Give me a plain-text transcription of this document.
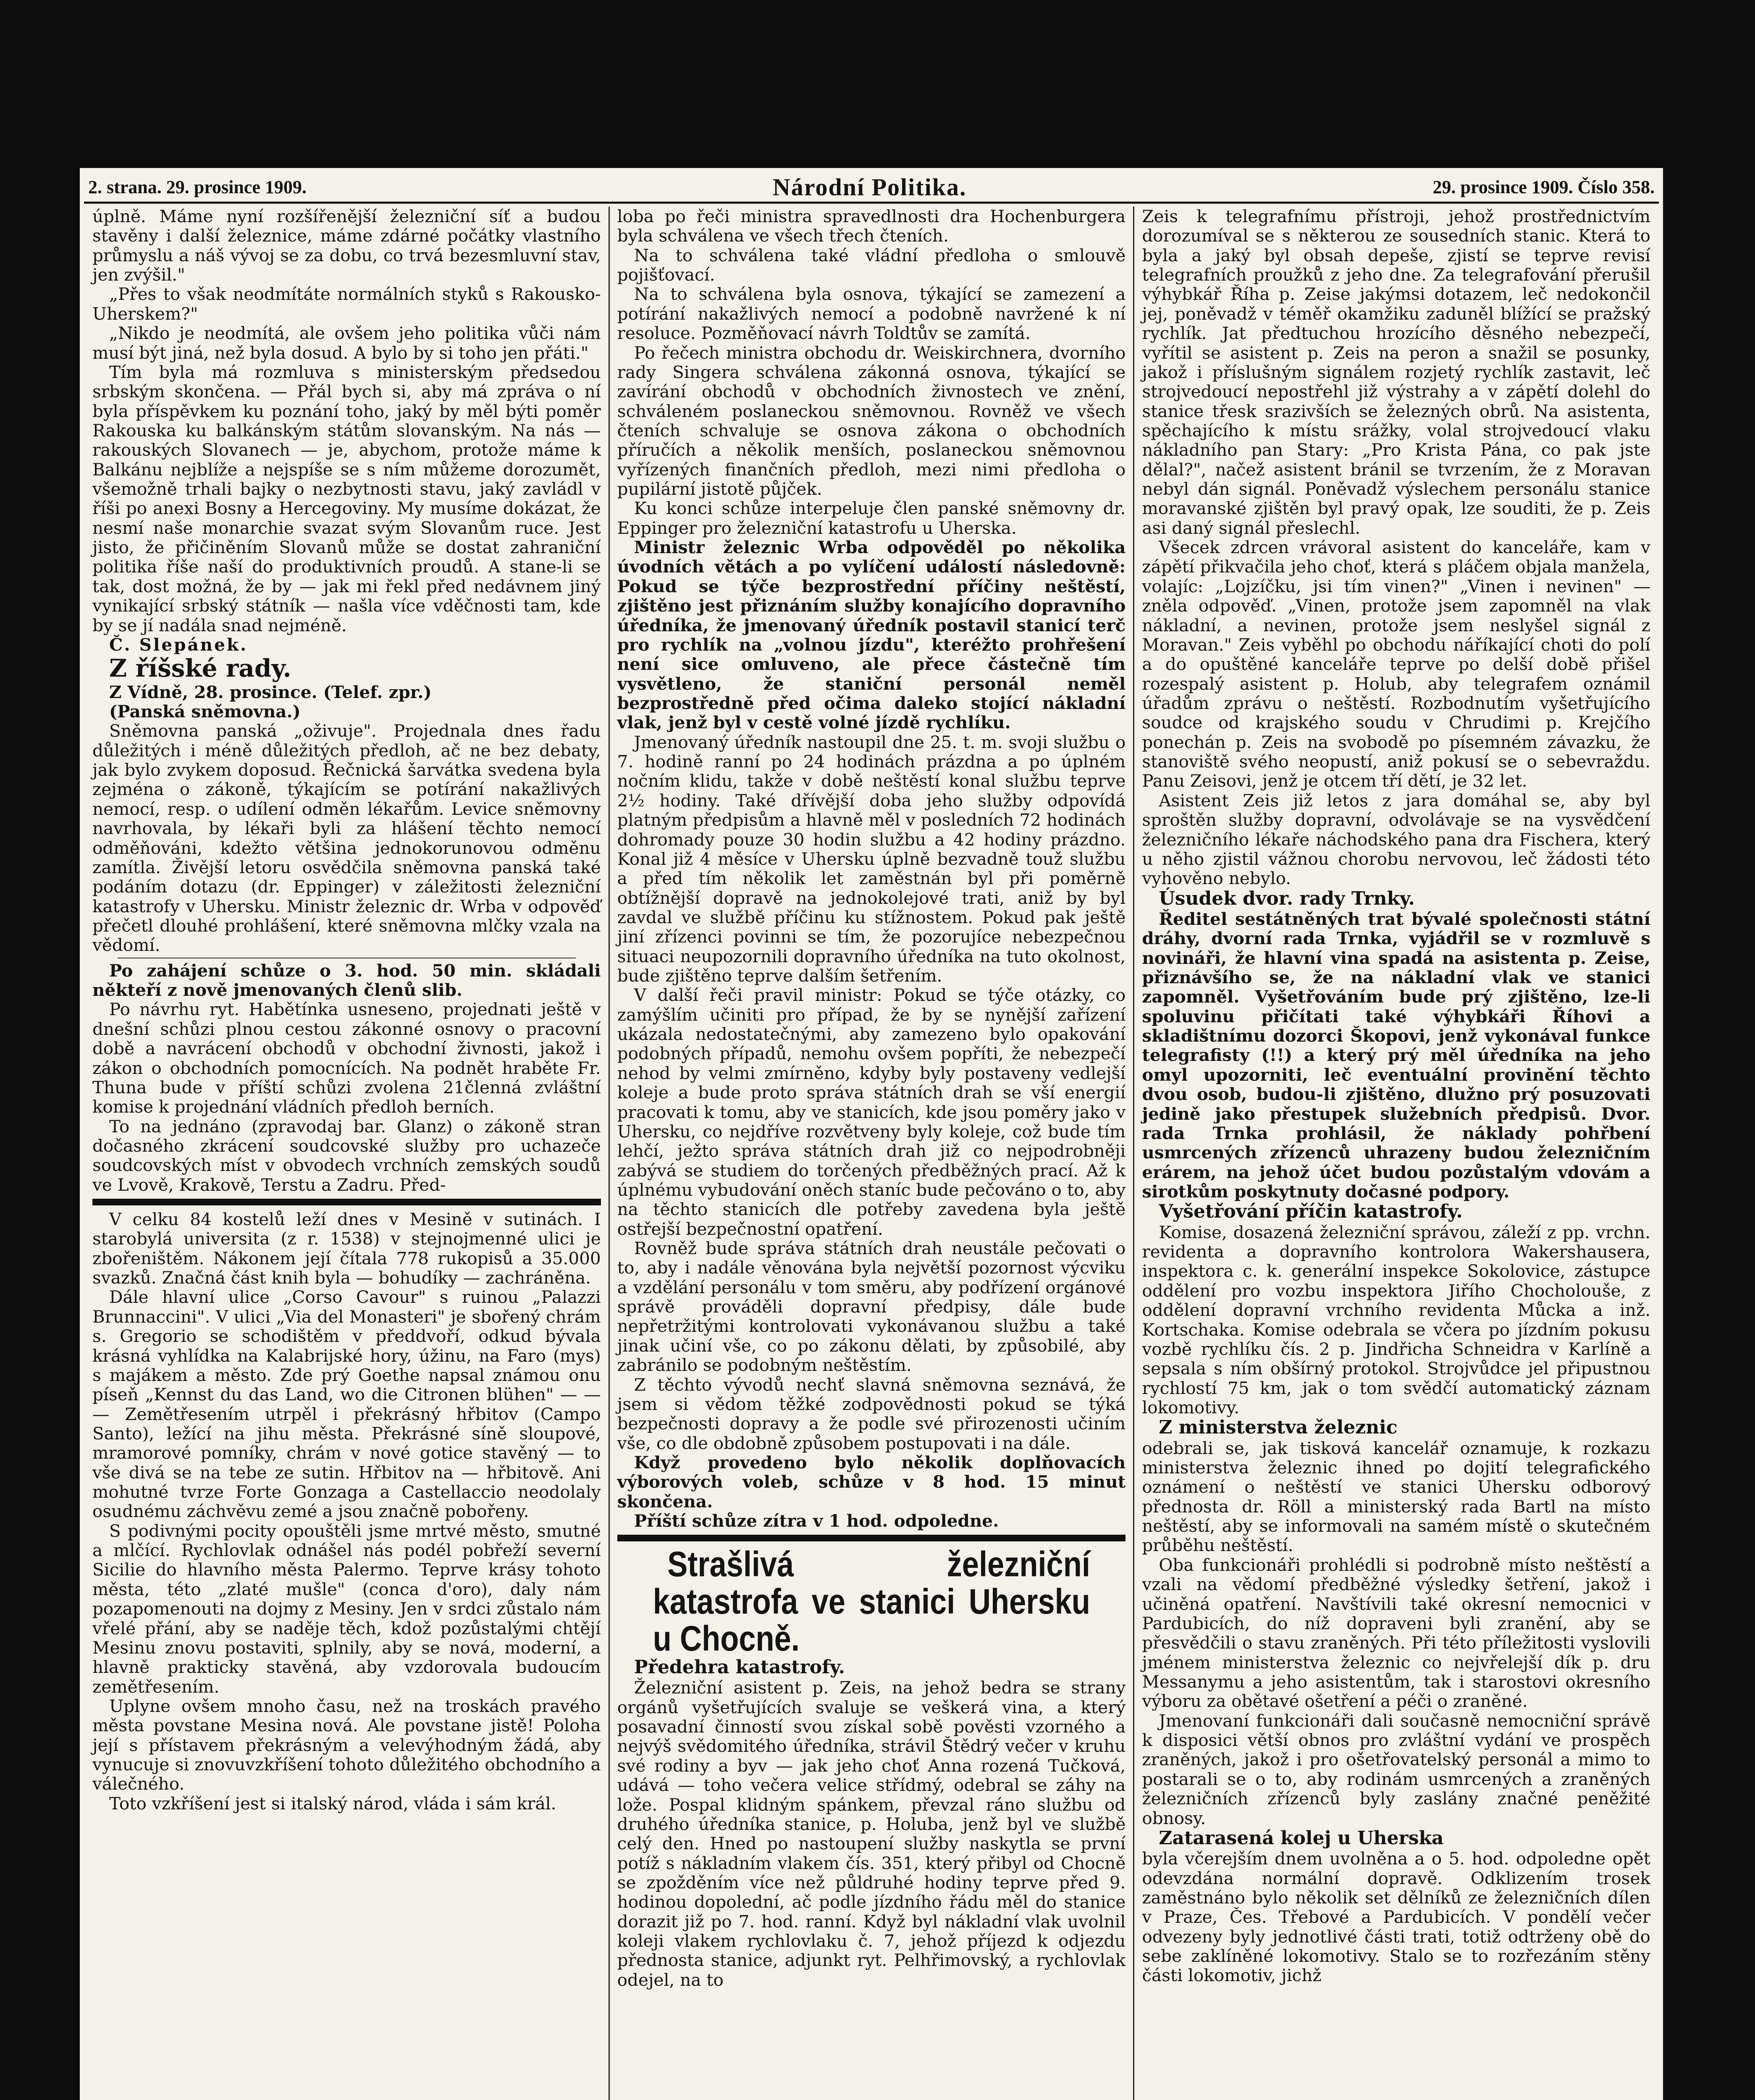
2. strana. 29. prosince 1909.	Národní Politika.	29. prosince 1909. Číslo 358.

úplně. Máme nyní rozšířenější železniční síť a budou stavěny i další železnice, máme zdárné počátky vlastního průmyslu a náš vývoj se za dobu, co trvá bezesmluvní stav, jen zvýšil."

„Přes to však neodmítáte normálních styků s Rakousko-Uherskem?"

„Nikdo je neodmítá, ale ovšem jeho politika vůči nám musí být jiná, než byla dosud. A bylo by si toho jen přáti."

Tím byla má rozmluva s ministerským předsedou srbským skončena. — Přál bych si, aby má zpráva o ní byla příspěvkem ku poznání toho, jaký by měl býti poměr Rakouska ku balkánským státům slovanským. Na nás — rakouských Slovanech — je, abychom, protože máme k Balkánu nejblíže a nejspíše se s ním můžeme dorozumět, všemožně trhali bajky o nezbytnosti stavu, jaký zavládl v říši po anexi Bosny a Hercegoviny. My musíme dokázat, že nesmí naše monarchie svazat svým Slovanům ruce. Jest jisto, že přičiněním Slovanů může se dostat zahraniční politika říše naší do produktivních proudů. A stane-li se tak, dost možná, že by — jak mi řekl před nedávnem jiný vynikající srbský státník — našla více vděčnosti tam, kde by se jí nadála snad nejméně.

Č. Slepánek.

Z říšské rady.

Z Vídně, 28. prosince. (Telef. zpr.)

(Panská sněmovna.)

Sněmovna panská „oživuje". Projednala dnes řadu důležitých i méně důležitých předloh, ač ne bez debaty, jak bylo zvykem doposud. Řečnická šarvátka svedena byla zejména o zákoně, týkajícím se potírání nakažlivých nemocí, resp. o udílení odměn lékařům. Levice sněmovny navrhovala, by lékaři byli za hlášení těchto nemocí odměňováni, kdežto většina jednokorunovou odměnu zamítla. Živější letoru osvědčila sněmovna panská také podáním dotazu (dr. Eppinger) v záležitosti železniční katastrofy v Uhersku. Ministr železnic dr. Wrba v odpověď přečetl dlouhé prohlášení, které sněmovna mlčky vzala na vědomí.

Po zahájení schůze o 3. hod. 50 min. skládali někteří z nově jmenovaných členů slib.

Po návrhu ryt. Habětínka usneseno, projednati ještě v dnešní schůzi plnou cestou zákonné osnovy o pracovní době a navrácení obchodů v obchodní živnosti, jakož i zákon o obchodních pomocnících. Na podnět hraběte Fr. Thuna bude v příští schůzi zvolena 21členná zvláštní komise k projednání vládních předloh berních.

To na jednáno (zpravodaj bar. Glanz) o zákoně stran dočasného zkrácení soudcovské služby pro uchazeče soudcovských míst v obvodech vrchních zemských soudů ve Lvově, Krakově, Terstu a Zadru. Před-

V celku 84 kostelů leží dnes v Mesině v sutinách. I starobylá universita (z r. 1538) v stejnojmenné ulici je zbořeništěm. Nákonem její čítala 778 rukopisů a 35.000 svazků. Značná část knih byla — bohudíky — zachráněna.

Dále hlavní ulice „Corso Cavour" s ruinou „Palazzi Brunnaccini". V ulici „Via del Monasteri" je sbořený chrám s. Gregorio se schodištěm v předdvoří, odkud bývala krásná vyhlídka na Kalabrijské hory, úžinu, na Faro (mys) s majákem a město. Zde prý Goethe napsal známou onu píseň „Kennst du das Land, wo die Citronen blühen" — — — Zemětřesením utrpěl i překrásný hřbitov (Campo Santo), ležící na jihu města. Překrásné síně sloupové, mramorové pomníky, chrám v nové gotice stavěný — to vše divá se na tebe ze sutin. Hřbitov na — hřbitově. Ani mohutné tvrze Forte Gonzaga a Castellaccio neodolaly osudnému záchvěvu zemé a jsou značně pobořeny.

S podivnými pocity opouštěli jsme mrtvé město, smutné a mlčící. Rychlovlak odnášel nás podél pobřeží severní Sicilie do hlavního města Palermo. Teprve krásy tohoto města, této „zlaté mušle" (conca d'oro), daly nám pozapomenouti na dojmy z Mesiny. Jen v srdci zůstalo nám vřelé přání, aby se naděje těch, kdož pozůstalými chtějí Mesinu znovu postaviti, splnily, aby se nová, moderní, a hlavně prakticky stavěná, aby vzdorovala budoucím zemětřesením.

Uplyne ovšem mnoho času, než na troskách pravého města povstane Mesina nová. Ale povstane jistě! Poloha její s přístavem překrásným a velevýhodným žádá, aby vynucuje si znovuvzkříšení tohoto důležitého obchodního a válečného.

Toto vzkříšení jest si italský národ, vláda i sám král.

loba po řeči ministra spravedlnosti dra Hochenburgera byla schválena ve všech třech čteních.

Na to schválena také vládní předloha o smlouvě pojišťovací.

Na to schválena byla osnova, týkající se zamezení a potírání nakažlivých nemocí a podobně navržené k ní resoluce. Pozměňovací návrh Toldtův se zamítá.

Po řečech ministra obchodu dr. Weiskirchnera, dvorního rady Singera schválena zákonná osnova, týkající se zavírání obchodů v obchodních živnostech ve znění, schváleném poslaneckou sněmovnou. Rovněž ve všech čteních schvaluje se osnova zákona o obchodních příručích a několik menších, poslaneckou sněmovnou vyřízených finančních předloh, mezi nimi předloha o pupilární jistotě půjček.

Ku konci schůze interpeluje člen panské sněmovny dr. Eppinger pro železniční katastrofu u Uherska.

Ministr železnic Wrba odpověděl po několika úvodních větách a po vylíčení událostí následovně: Pokud se týče bezprostřední příčiny neštěstí, zjištěno jest přiznáním služby konajícího dopravního úředníka, že jmenovaný úředník postavil stanicí terč pro rychlík na „volnou jízdu", kteréžto prohřešení není sice omluveno, ale přece částečně tím vysvětleno, že staniční personál neměl bezprostředně před očima daleko stojící nákladní vlak, jenž byl v cestě volné jízdě rychlíku.

Jmenovaný úředník nastoupil dne 25. t. m. svoji službu o 7. hodině ranní po 24 hodinách prázdna a po úplném nočním klidu, takže v době neštěstí konal službu teprve 2½ hodiny. Také dřívější doba jeho služby odpovídá platným předpisům a hlavně měl v posledních 72 hodinách dohromady pouze 30 hodin službu a 42 hodiny prázdno. Konal již 4 měsíce v Uhersku úplně bezvadně touž službu a před tím několik let zaměstnán byl při poměrně obtížnější dopravě na jednokolejové trati, aniž by byl zavdal ve službě příčinu ku stížnostem. Pokud pak ještě jiní zřízenci povinni se tím, že pozorujíce nebezpečnou situaci neupozornili dopravního úředníka na tuto okolnost, bude zjištěno teprve dalším šetřením.

V další řeči pravil ministr: Pokud se týče otázky, co zamýšlím učiniti pro případ, že by se nynější zařízení ukázala nedostatečnými, aby zamezeno bylo opakování podobných případů, nemohu ovšem popříti, že nebezpečí nehod by velmi zmírněno, kdyby byly postaveny vedlejší koleje a bude proto správa státních drah se vší energií pracovati k tomu, aby ve stanicích, kde jsou poměry jako v Uhersku, co nejdříve rozvětveny byly koleje, což bude tím lehčí, ježto správa státních drah již co nejpodrobněji zabývá se studiem do torčených předběžných prací. Až k úplnému vybudování oněch staníc bude pečováno o to, aby na těchto stanicích dle potřeby zavedena byla ještě ostřejší bezpečnostní opatření.

Rovněž bude správa státních drah neustále pečovati o to, aby i nadále věnována byla největší pozornost výcviku a vzdělání personálu v tom směru, aby podřízení orgánové správě prováděli dopravní předpisy, dále bude nepřetržitými kontrolovati vykonávanou službu a také jinak učiní vše, co po zákonu dělati, by způsobilé, aby zabránilo se podobným neštěstím.

Z těchto vývodů nechť slavná sněmovna seznává, že jsem si vědom těžké zodpovědnosti pokud se týká bezpečnosti dopravy a že podle své přirozenosti učiním vše, co dle obdobně způsobem postupovati i na dále.

Když provedeno bylo několik doplňovacích výborových voleb, schůze v 8 hod. 15 minut skončena.

Příští schůze zítra v 1 hod. odpoledne.

Strašlivá železniční katastrofa ve stanici Uhersku u Chocně.

Předehra katastrofy.

Železniční asistent p. Zeis, na jehož bedra se strany orgánů vyšetřujících svaluje se veškerá vina, a který posavadní činností svou získal sobě pověsti vzorného a nejvýš svědomitého úředníka, strávil Štědrý večer v kruhu své rodiny a byv — jak jeho choť Anna rozená Tučková, udává — toho večera velice střídmý, odebral se záhy na lože. Pospal klidným spánkem, převzal ráno službu od druhého úředníka stanice, p. Holuba, jenž byl ve službě celý den. Hned po nastoupení služby naskytla se první potíž s nákladním vlakem čís. 351, který přibyl od Chocně se zpožděním více než půldruhé hodiny teprve před 9. hodinou dopolední, ač podle jízdního řádu měl do stanice dorazit již po 7. hod. ranní. Když byl nákladní vlak uvolnil koleji vlakem rychlovlaku č. 7, jehož příjezd k odjezdu přednosta stanice, adjunkt ryt. Pelhřimovský, a rychlovlak odejel, na to

Zeis k telegrafnímu přístroji, jehož prostřednictvím dorozumíval se s některou ze sousedních stanic. Která to byla a jaký byl obsah depeše, zjistí se teprve revisí telegrafních proužků z jeho dne. Za telegrafování přerušil výhybkář Říha p. Zeise jakýmsi dotazem, leč nedokončil jej, poněvadž v téměř okamžiku zaduněl blížící se pražský rychlík. Jat předtuchou hrozícího děsného nebezpečí, vyřítil se asistent p. Zeis na peron a snažil se posunky, jakož i příslušným signálem rozjetý rychlík zastavit, leč strojvedoucí nepostřehl již výstrahy a v zápětí dolehl do stanice třesk srazivších se železných obrů. Na asistenta, spěchajícího k místu srážky, volal strojvedoucí vlaku nákladního pan Stary: „Pro Krista Pána, co pak jste dělal?", načež asistent bránil se tvrzením, že z Moravan nebyl dán signál. Poněvadž výslechem personálu stanice moravanské zjištěn byl pravý opak, lze souditi, že p. Zeis asi daný signál přeslechl.

Všecek zdrcen vrávoral asistent do kanceláře, kam v zápětí přikvačila jeho choť, která s pláčem objala manžela, volajíc: „Lojzíčku, jsi tím vinen?" „Vinen i nevinen" — zněla odpověď. „Vinen, protože jsem zapomněl na vlak nákladní, a nevinen, protože jsem neslyšel signál z Moravan." Zeis vyběhl po obchodu náříkající choti do polí a do opuštěné kanceláře teprve po delší době přišel rozespalý asistent p. Holub, aby telegrafem oznámil úřadům zprávu o neštěstí. Rozbodnutím vyšetřujícího soudce od krajského soudu v Chrudimi p. Krejčího ponechán p. Zeis na svobodě po písemném závazku, že stanoviště svého neopustí, aniž pokusí se o sebevraždu. Panu Zeisovi, jenž je otcem tří dětí, je 32 let.

Asistent Zeis již letos z jara domáhal se, aby byl sproštěn služby dopravní, odvolávaje se na vysvědčení železničního lékaře náchodského pana dra Fischera, který u něho zjistil vážnou chorobu nervovou, leč žádosti této vyhověno nebylo.

Úsudek dvor. rady Trnky.

Ředitel sestátněných trat bývalé společnosti státní dráhy, dvorní rada Trnka, vyjádřil se v rozmluvě s novináři, že hlavní vina spadá na asistenta p. Zeise, přiznávšího se, že na nákladní vlak ve stanici zapomněl. Vyšetřováním bude prý zjištěno, lze-li spoluvinu přičítati také výhybkáři Říhovi a skladištnímu dozorci Škopovi, jenž vykonával funkce telegrafisty (!!) a který prý měl úředníka na jeho omyl upozorniti, leč eventuální provinění těchto dvou osob, budou-li zjištěno, dlužno prý posuzovati jedině jako přestupek služebních předpisů. Dvor. rada Trnka prohlásil, že náklady pohřbení usmrcených zřízenců uhrazeny budou železničním erárem, na jehož účet budou pozůstalým vdovám a sirotkům poskytnuty dočasné podpory.

Vyšetřování příčin katastrofy.

Komise, dosazená železniční správou, záleží z pp. vrchn. revidenta a dopravního kontrolora Wakershausera, inspektora c. k. generální inspekce Sokolovice, zástupce oddělení pro vozbu inspektora Jiřího Chocholouše, z oddělení dopravní vrchního revidenta Můcka a inž. Kortschaka. Komise odebrala se včera po jízdním pokusu vozbě rychlíku čís. 2 p. Jindřicha Schneidra v Karlíně a sepsala s ním obšírný protokol. Strojvůdce jel připustnou rychlostí 75 km, jak o tom svědčí automatický záznam lokomotivy.

Z ministerstva železnic

odebrali se, jak tisková kancelář oznamuje, k rozkazu ministerstva železnic ihned po dojití telegrafického oznámení o neštěstí ve stanici Uhersku odborový přednosta dr. Röll a ministerský rada Bartl na místo neštěstí, aby se informovali na samém místě o skutečném průběhu neštěstí.

Oba funkcionáři prohlédli si podrobně místo neštěstí a vzali na vědomí předběžné výsledky šetření, jakož i učiněná opatření. Navštívili také okresní nemocnici v Pardubicích, do níž dopraveni byli zranění, aby se přesvědčili o stavu zraněných. Při této příležitosti vyslovili jménem ministerstva železnic co nejvřelejší dík p. dru Messanymu a jeho asistentům, tak i starostovi okresního výboru za obětavé ošetření a péči o zraněné.

Jmenovaní funkcionáři dali současně nemocniční správě k disposici větší obnos pro zvláštní vydání ve prospěch zraněných, jakož i pro ošetřovatelský personál a mimo to postarali se o to, aby rodinám usmrcených a zraněných železničních zřízenců byly zaslány značné peněžité obnosy.

Zatarasená kolej u Uherska

byla včerejším dnem uvolněna a o 5. hod. odpoledne opět odevzdána normální dopravě. Odklizením trosek zaměstnáno bylo několik set dělníků ze železničních dílen v Praze, Čes. Třebové a Pardubicích. V pondělí večer odvezeny byly jednotlivé části trati, totiž odtrženy obě do sebe zaklíněné lokomotivy. Stalo se to rozřezáním stěny části lokomotiv, jichž
